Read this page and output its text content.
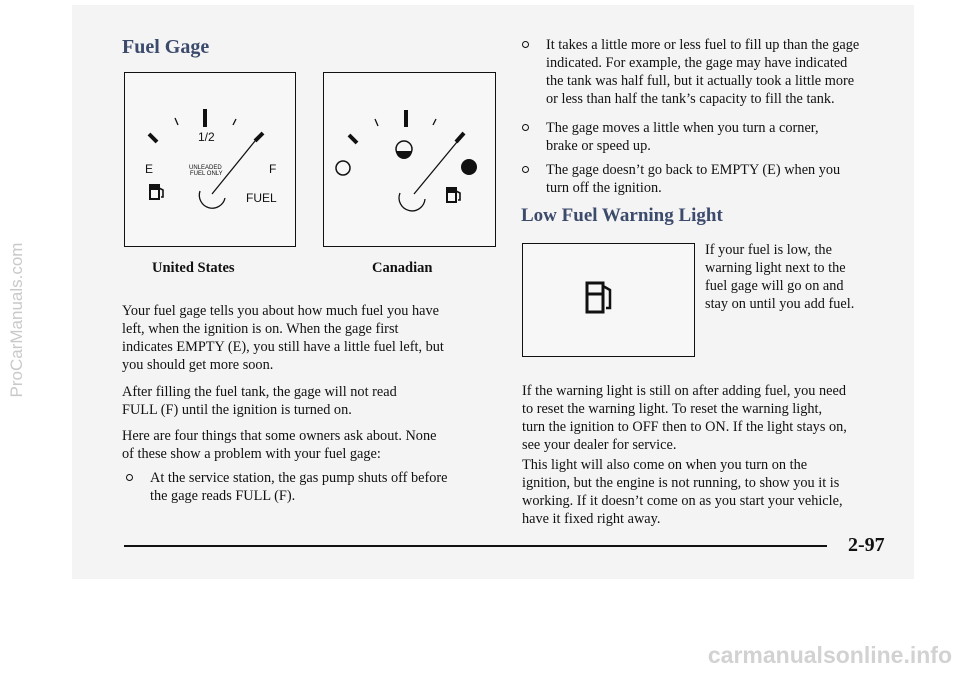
ProCarManuals.com
Fuel Gage
1/2
E	F
UNLEADED
FUEL ONLY
FUEL
United States	Canadian
Your fuel gage tells you about how much fuel you have
left, when the ignition is on. When the gage first
indicates EMPTY (E), you still have a little fuel left, but
you should get more soon.
After filling the fuel tank, the gage will not read
FULL (F) until the ignition is turned on.
Here are four things that some owners ask about. None
of these show a problem with your fuel gage:
At the service station, the gas pump shuts off before
the gage reads FULL (F).
It takes a little more or less fuel to fill up than the gage
indicated. For example, the gage may have indicated
the tank was half full, but it actually took a little more
or less than half the tank’s capacity to fill the tank.
The gage moves a little when you turn a corner,
brake or speed up.
The gage doesn’t go back to EMPTY (E) when you
turn off the ignition.
Low Fuel Warning Light
If your fuel is low, the
warning light next to the
fuel gage will go on and
stay on until you add fuel.
If the warning light is still on after adding fuel, you need
to reset the warning light. To reset the warning light,
turn the ignition to OFF then to ON. If the light stays on,
see your dealer for service.
This light will also come on when you turn on the
ignition, but the engine is not running, to show you it is
working. If it doesn’t come on as you start your vehicle,
have it fixed right away.
2-97
carmanualsonline.info
